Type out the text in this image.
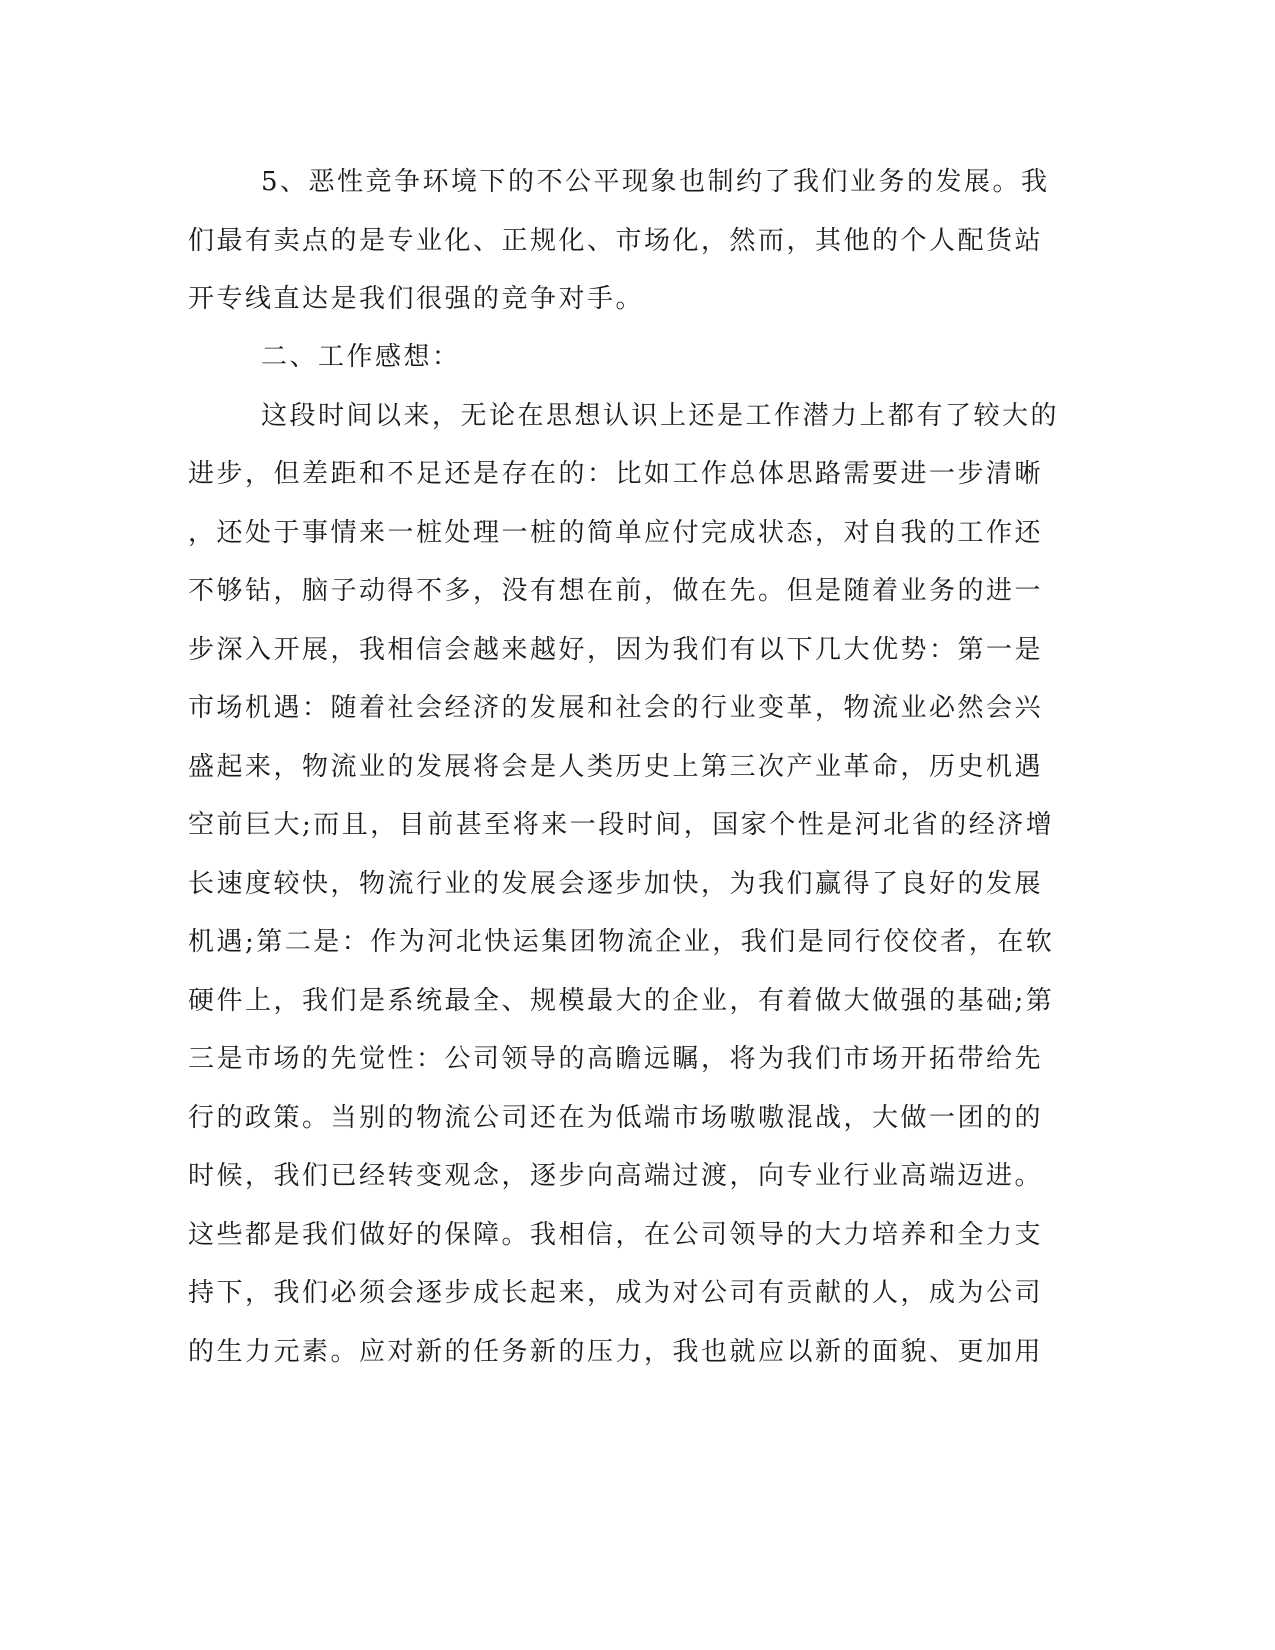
5、恶性竞争环境下的不公平现象也制约了我们业务的发展。我
们最有卖点的是专业化、正规化、市场化，然而，其他的个人配货站
开专线直达是我们很强的竞争对手。
二、工作感想：
这段时间以来，无论在思想认识上还是工作潜力上都有了较大的
进步，但差距和不足还是存在的：比如工作总体思路需要进一步清晰
，还处于事情来一桩处理一桩的简单应付完成状态，对自我的工作还
不够钻，脑子动得不多，没有想在前，做在先。但是随着业务的进一
步深入开展，我相信会越来越好，因为我们有以下几大优势：第一是
市场机遇：随着社会经济的发展和社会的行业变革，物流业必然会兴
盛起来，物流业的发展将会是人类历史上第三次产业革命，历史机遇
空前巨大;而且，目前甚至将来一段时间，国家个性是河北省的经济增
长速度较快，物流行业的发展会逐步加快，为我们赢得了良好的发展
机遇;第二是：作为河北快运集团物流企业，我们是同行佼佼者，在软
硬件上，我们是系统最全、规模最大的企业，有着做大做强的基础;第
三是市场的先觉性：公司领导的高瞻远瞩，将为我们市场开拓带给先
行的政策。当别的物流公司还在为低端市场嗷嗷混战，大做一团的的
时候，我们已经转变观念，逐步向高端过渡，向专业行业高端迈进。
这些都是我们做好的保障。我相信，在公司领导的大力培养和全力支
持下，我们必须会逐步成长起来，成为对公司有贡献的人，成为公司
的生力元素。应对新的任务新的压力，我也就应以新的面貌、更加用
